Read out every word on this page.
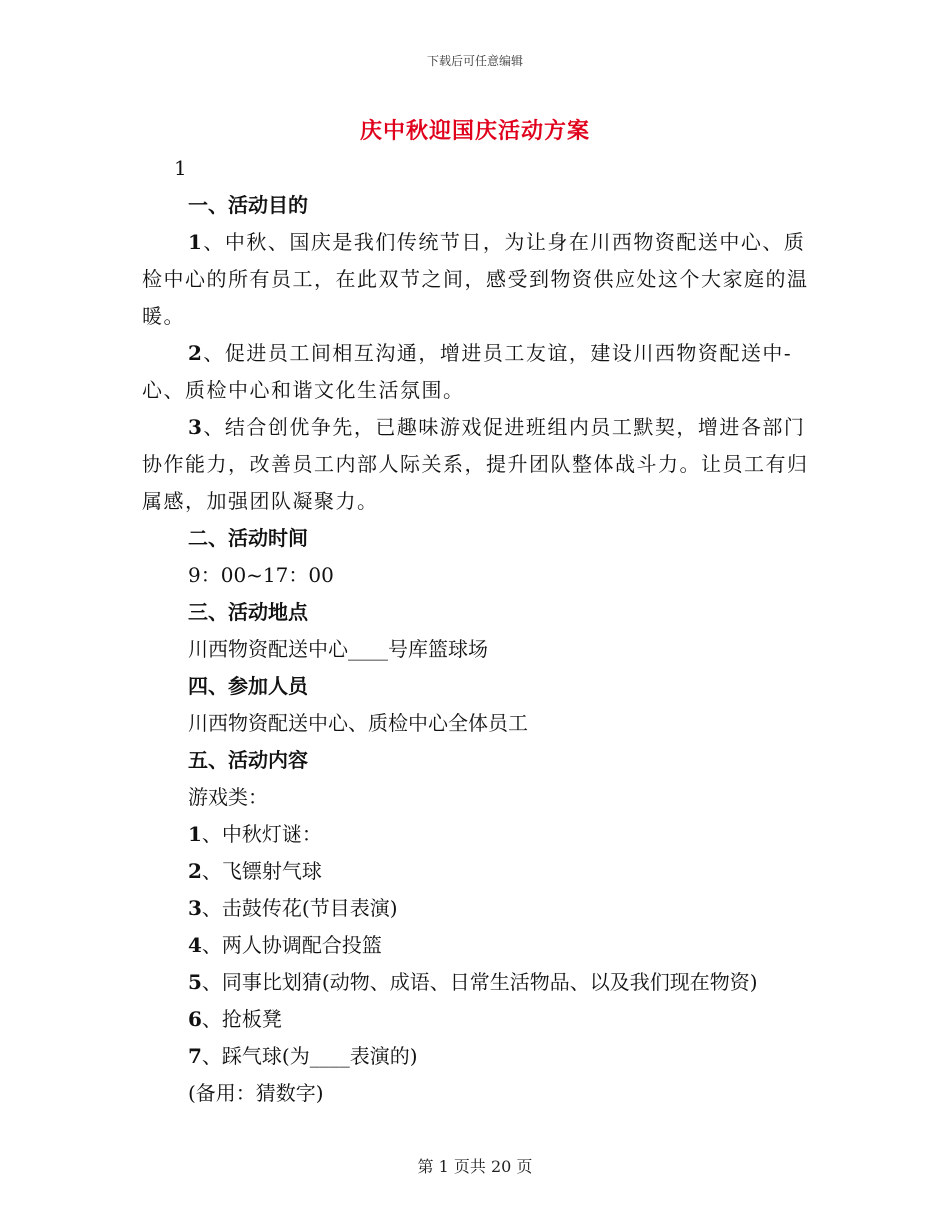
下载后可任意编辑
庆中秋迎国庆活动方案
1
一、活动目的
1、中秋、国庆是我们传统节日，为让身在川西物资配送中心、质检中心的所有员工，在此双节之间，感受到物资供应处这个大家庭的温暖。
2、促进员工间相互沟通，增进员工友谊，建设川西物资配送中-心、质检中心和谐文化生活氛围。
3、结合创优争先，已趣味游戏促进班组内员工默契，增进各部门协作能力，改善员工内部人际关系，提升团队整体战斗力。让员工有归属感，加强团队凝聚力。
二、活动时间
9：00~17：00
三、活动地点
川西物资配送中心____号库篮球场
四、参加人员
川西物资配送中心、质检中心全体员工
五、活动内容
游戏类：
1、中秋灯谜：
2、飞镖射气球
3、击鼓传花(节目表演)
4、两人协调配合投篮
5、同事比划猜(动物、成语、日常生活物品、以及我们现在物资)
6、抢板凳
7、踩气球(为____表演的)
(备用：猜数字)
第 1 页共 20 页
